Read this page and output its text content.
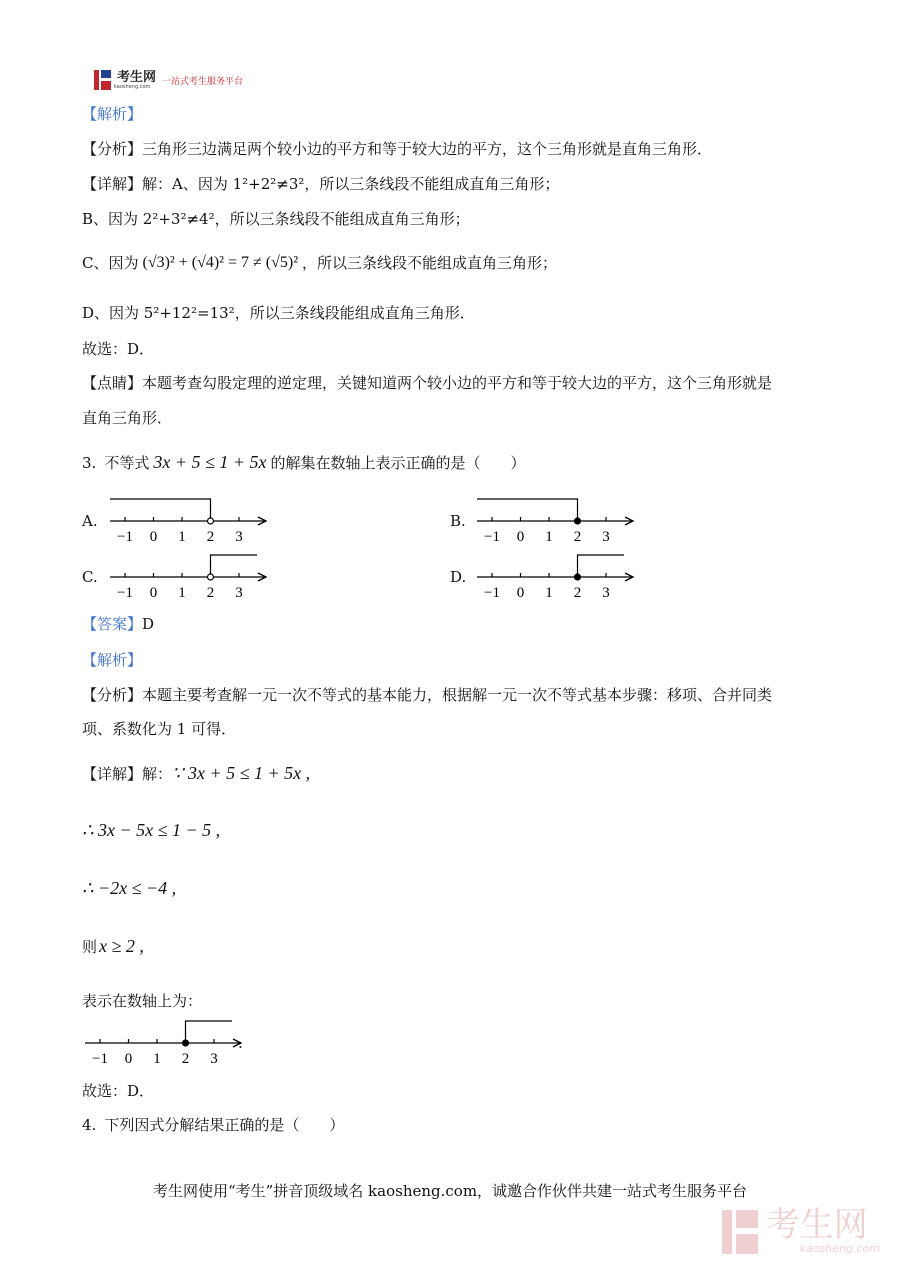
考生网
kaosheng.com	一站式考生服务平台
【解析】
【分析】三角形三边满足两个较小边的平方和等于较大边的平方，这个三角形就是直角三角形．
【详解】解：A、因为 1²+2²≠3²，所以三条线段不能组成直角三角形；
B、因为 2²+3²≠4²，所以三条线段不能组成直角三角形；
C、因为 (√3)² + (√4)² = 7 ≠ (√5)² ，所以三条线段不能组成直角三角形；
D、因为 5²+12²=13²，所以三条线段能组成直角三角形．
故选：D．
【点睛】本题考查勾股定理的逆定理，关键知道两个较小边的平方和等于较大边的平方，这个三角形就是
直角三角形．
3. 不等式 3x + 5 ≤ 1 + 5x 的解集在数轴上表示正确的是（　　）
A.
−1 0 1 2 3
B.
−1 0 1 2 3
C.
−1 0 1 2 3
D.
−1 0 1 2 3
【答案】D
【解析】
【分析】本题主要考查解一元一次不等式的基本能力，根据解一元一次不等式基本步骤：移项、合并同类
项、系数化为 1 可得．
【详解】解： ∵ 3x + 5 ≤ 1 + 5x ,
∴ 3x − 5x ≤ 1 − 5 ,
∴ −2x ≤ −4 ,
则 x ≥ 2 ,
表示在数轴上为：
−1 0 1 2 3
.
故选：D．
4. 下列因式分解结果正确的是（　　）
考生网使用“考生”拼音顶级域名 kaosheng.com，诚邀合作伙伴共建一站式考生服务平台
考生网
kaosheng.com
